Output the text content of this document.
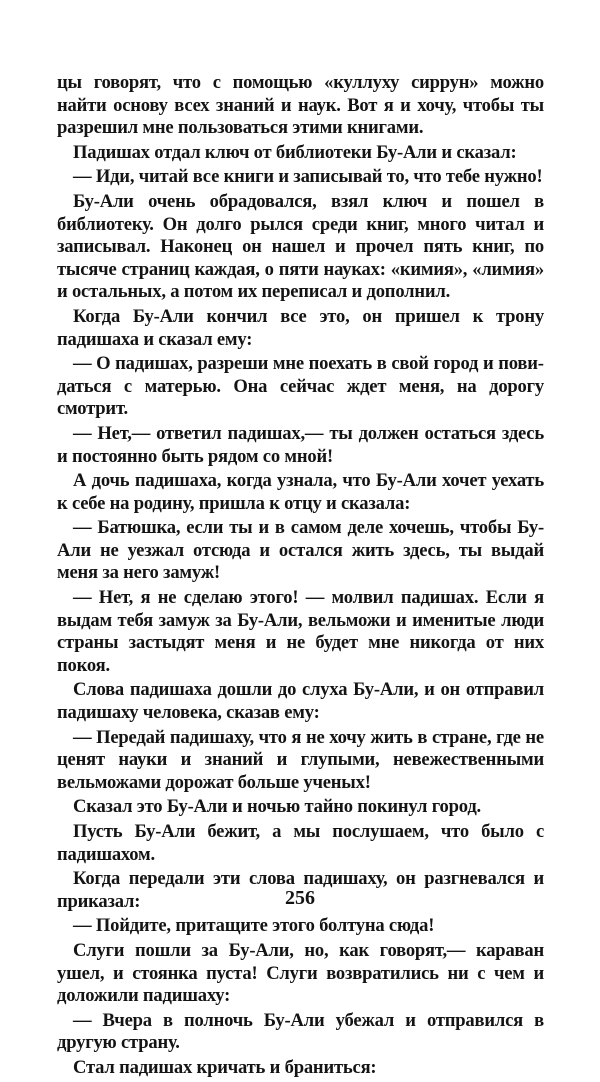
цы говорят, что с помощью «куллуху сиррун» можно найти основу всех знаний и наук. Вот я и хочу, чтобы ты разрешил мне пользоваться этими книгами.

Падишах отдал ключ от библиотеки Бу-Али и сказал:

— Иди, читай все книги и записывай то, что тебе нужно!

Бу-Али очень обрадовался, взял ключ и пошел в библиотеку. Он долго рылся среди книг, много читал и записывал. Наконец он нашел и прочел пять книг, по тысяче страниц каждая, о пяти науках: «кимия», «лимия» и остальных, а потом их переписал и дополнил.

Когда Бу-Али кончил все это, он пришел к трону падишаха и сказал ему:

— О падишах, разреши мне поехать в свой город и повидаться с матерью. Она сейчас ждет меня, на дорогу смотрит.

— Нет,— ответил падишах,— ты должен остаться здесь и постоянно быть рядом со мной!

А дочь падишаха, когда узнала, что Бу-Али хочет уехать к себе на родину, пришла к отцу и сказала:

— Батюшка, если ты и в самом деле хочешь, чтобы Бу-Али не уезжал отсюда и остался жить здесь, ты выдай меня за него замуж!

— Нет, я не сделаю этого! — молвил падишах. Если я выдам тебя замуж за Бу-Али, вельможи и именитые люди страны застыдят меня и не будет мне никогда от них покоя.

Слова падишаха дошли до слуха Бу-Али, и он отправил падишаху человека, сказав ему:

— Передай падишаху, что я не хочу жить в стране, где не ценят науки и знаний и глупыми, невежественными вельможами дорожат больше ученых!

Сказал это Бу-Али и ночью тайно покинул город.

Пусть Бу-Али бежит, а мы послушаем, что было с падишахом.

Когда передали эти слова падишаху, он разгневался и приказал:

— Пойдите, притащите этого болтуна сюда!

Слуги пошли за Бу-Али, но, как говорят,— караван ушел, и стоянка пуста! Слуги возвратились ни с чем и доложили падишаху:

— Вчера в полночь Бу-Али убежал и отправился в другую страну.

Стал падишах кричать и браниться:

256
